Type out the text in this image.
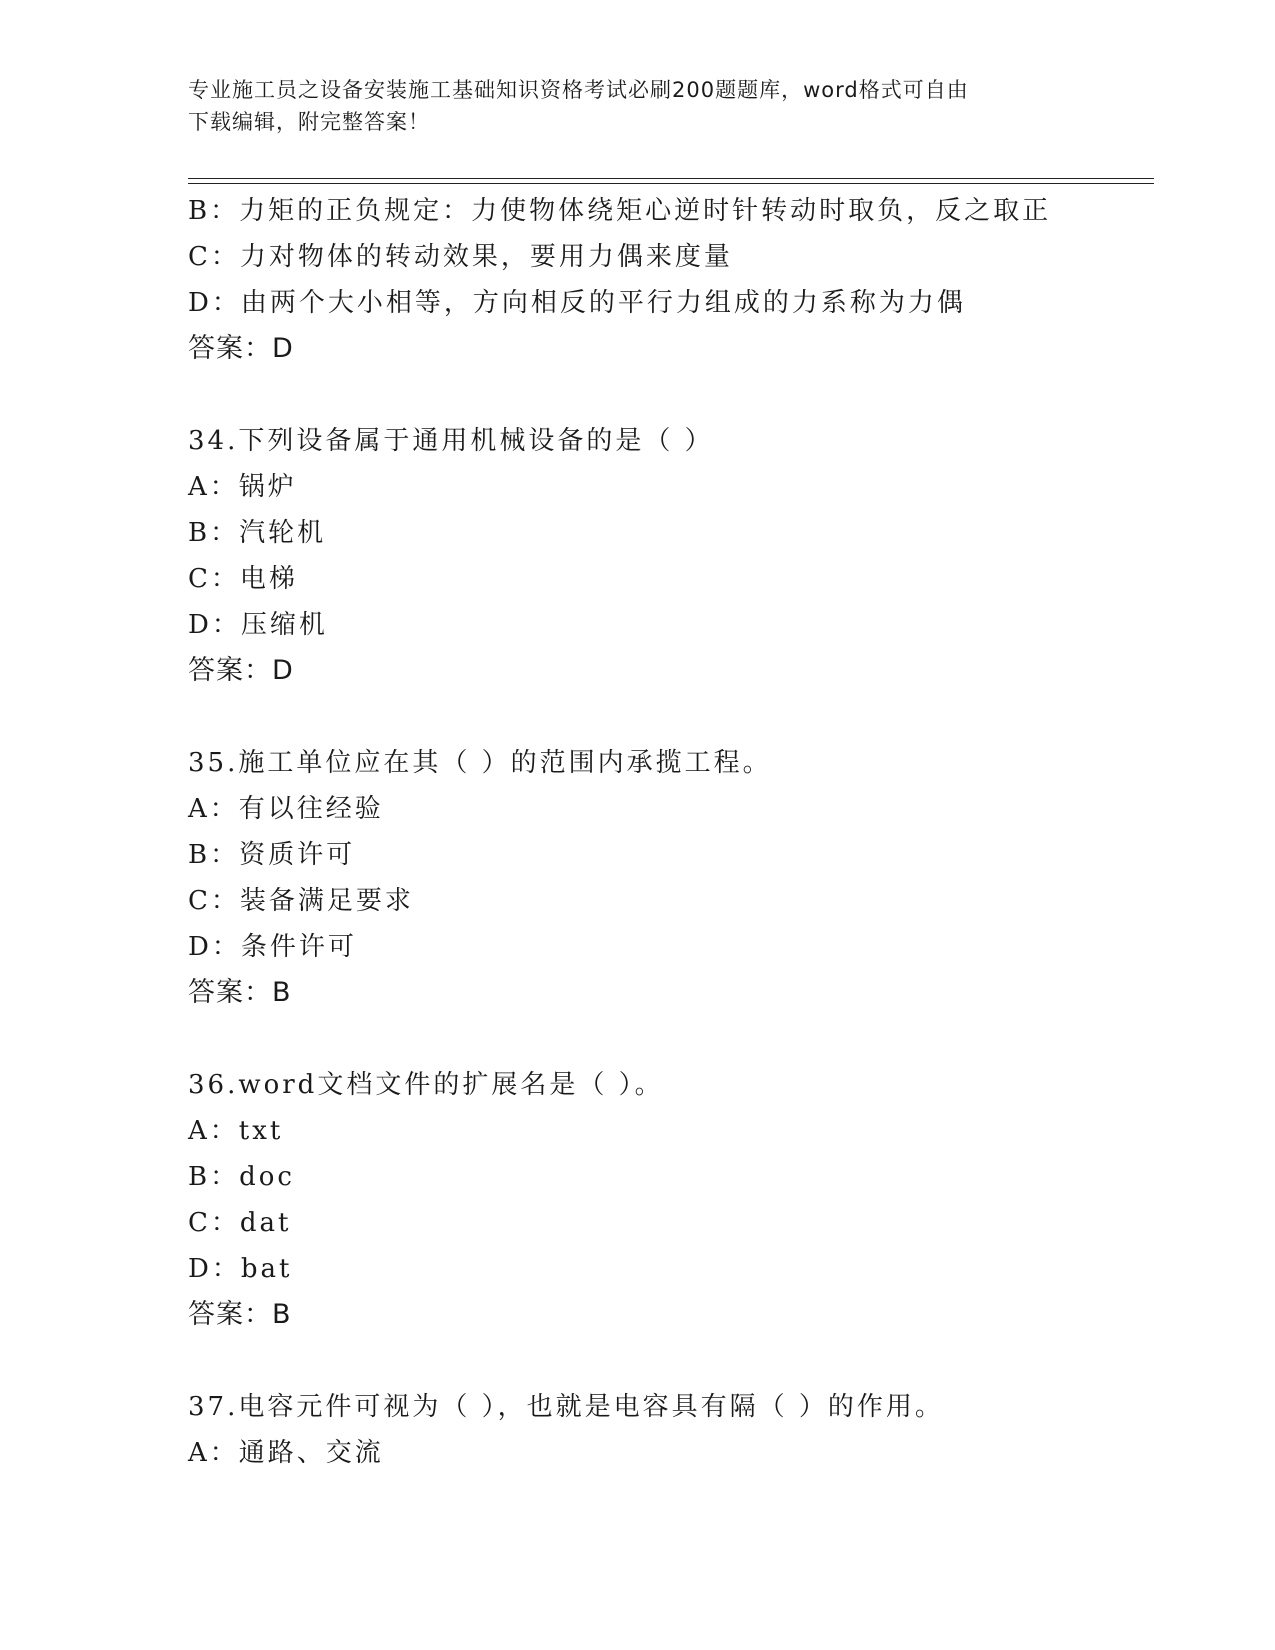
专业施工员之设备安装施工基础知识资格考试必刷200题题库，word格式可自由
下载编辑，附完整答案！
B：力矩的正负规定：力使物体绕矩心逆时针转动时取负，反之取正
C：力对物体的转动效果，要用力偶来度量
D：由两个大小相等，方向相反的平行力组成的力系称为力偶
答案：D
34.下列设备属于通用机械设备的是（ ）
A：锅炉
B：汽轮机
C：电梯
D：压缩机
答案：D
35.施工单位应在其（ ）的范围内承揽工程。
A：有以往经验
B：资质许可
C：装备满足要求
D：条件许可
答案：B
36.word文档文件的扩展名是（ ）。
A：txt
B：doc
C：dat
D：bat
答案：B
37.电容元件可视为（ ），也就是电容具有隔（ ）的作用。
A：通路、交流
